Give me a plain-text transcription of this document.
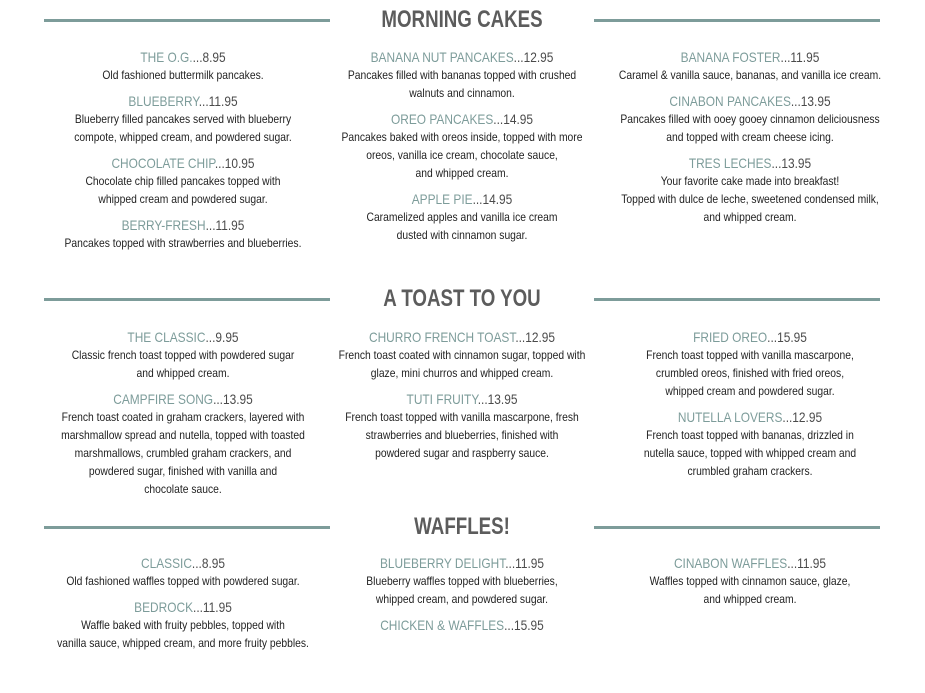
MORNING CAKES
THE O.G....8.95
Old fashioned buttermilk pancakes.
BLUEBERRY...11.95
Blueberry filled pancakes served with blueberry
compote, whipped cream, and powdered sugar.
CHOCOLATE CHIP...10.95
Chocolate chip filled pancakes topped with
whipped cream and powdered sugar.
BERRY-FRESH...11.95
Pancakes topped with strawberries and blueberries.
BANANA NUT PANCAKES...12.95
Pancakes filled with bananas topped with crushed
walnuts and cinnamon.
OREO PANCAKES...14.95
Pancakes baked with oreos inside, topped with more
oreos, vanilla ice cream, chocolate sauce,
and whipped cream.
APPLE PIE...14.95
Caramelized apples and vanilla ice cream
dusted with cinnamon sugar.
BANANA FOSTER...11.95
Caramel & vanilla sauce, bananas, and vanilla ice cream.
CINABON PANCAKES...13.95
Pancakes filled with ooey gooey cinnamon deliciousness
and topped with cream cheese icing.
TRES LECHES...13.95
Your favorite cake made into breakfast!
Topped with dulce de leche, sweetened condensed milk,
and whipped cream.
A TOAST TO YOU
THE CLASSIC...9.95
Classic french toast topped with powdered sugar
and whipped cream.
CAMPFIRE SONG...13.95
French toast coated in graham crackers, layered with
marshmallow spread and nutella, topped with toasted
marshmallows, crumbled graham crackers, and
powdered sugar, finished with vanilla and
chocolate sauce.
CHURRO FRENCH TOAST...12.95
French toast coated with cinnamon sugar, topped with
glaze, mini churros and whipped cream.
TUTI FRUITY...13.95
French toast topped with vanilla mascarpone, fresh
strawberries and blueberries, finished with
powdered sugar and raspberry sauce.
FRIED OREO...15.95
French toast topped with vanilla mascarpone,
crumbled oreos, finished with fried oreos,
whipped cream and powdered sugar.
NUTELLA LOVERS...12.95
French toast topped with bananas, drizzled in
nutella sauce, topped with whipped cream and
crumbled graham crackers.
WAFFLES!
CLASSIC...8.95
Old fashioned waffles topped with powdered sugar.
BEDROCK...11.95
Waffle baked with fruity pebbles, topped with
vanilla sauce, whipped cream, and more fruity pebbles.
BLUEBERRY DELIGHT...11.95
Blueberry waffles topped with blueberries,
whipped cream, and powdered sugar.
CHICKEN & WAFFLES...15.95
CINABON WAFFLES...11.95
Waffles topped with cinnamon sauce, glaze,
and whipped cream.
